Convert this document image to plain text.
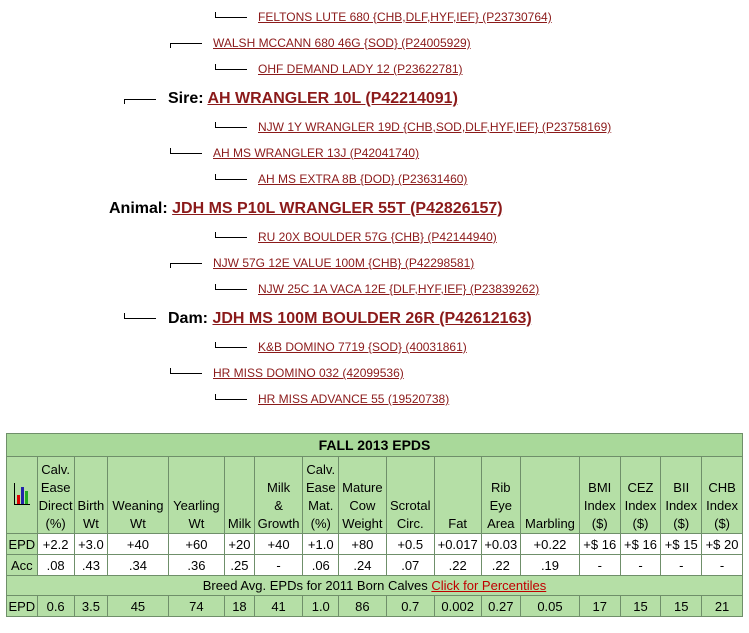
FELTONS LUTE 680 {CHB,DLF,HYF,IEF} (P23730764)
WALSH MCCANN 680 46G {SOD} (P24005929)
OHF DEMAND LADY 12 (P23622781)
Sire: AH WRANGLER 10L (P42214091)
NJW 1Y WRANGLER 19D {CHB,SOD,DLF,HYF,IEF} (P23758169)
AH MS WRANGLER 13J (P42041740)
AH MS EXTRA 8B {DOD} (P23631460)
Animal: JDH MS P10L WRANGLER 55T (P42826157)
RU 20X BOULDER 57G {CHB} (P42144940)
NJW 57G 12E VALUE 100M {CHB} (P42298581)
NJW 25C 1A VACA 12E {DLF,HYF,IEF} (P23839262)
Dam: JDH MS 100M BOULDER 26R (P42612163)
K&B DOMINO 7719 {SOD} (40031861)
HR MISS DOMINO 032 (42099536)
HR MISS ADVANCE 55 (19520738)
FALL 2013 EPDS																

	Calv.
Ease
Direct
(%)	Birth
Wt	Weaning
Wt	Yearling
Wt	Milk	Milk
&
Growth	Calv.
Ease
Mat.
(%)	Mature
Cow
Weight	Scrotal
Circ.	Fat	Rib
Eye
Area	Marbling	BMI
Index
($)	CEZ
Index
($)	BII
Index
($)	CHB
Index
($)
EPD	+2.2	+3.0	+40	+60	+20	+40	+1.0	+80	+0.5	+0.017	+0.03	+0.22	+$ 16	+$ 16	+$ 15	+$ 20
Acc	.08	.43	.34	.36	.25	-	.06	.24	.07	.22	.22	.19	-	-	-	-
Breed Avg. EPDs for 2011 Born Calves Click for Percentiles																
EPD	0.6	3.5	45	74	18	41	1.0	86	0.7	0.002	0.27	0.05	17	15	15	21
